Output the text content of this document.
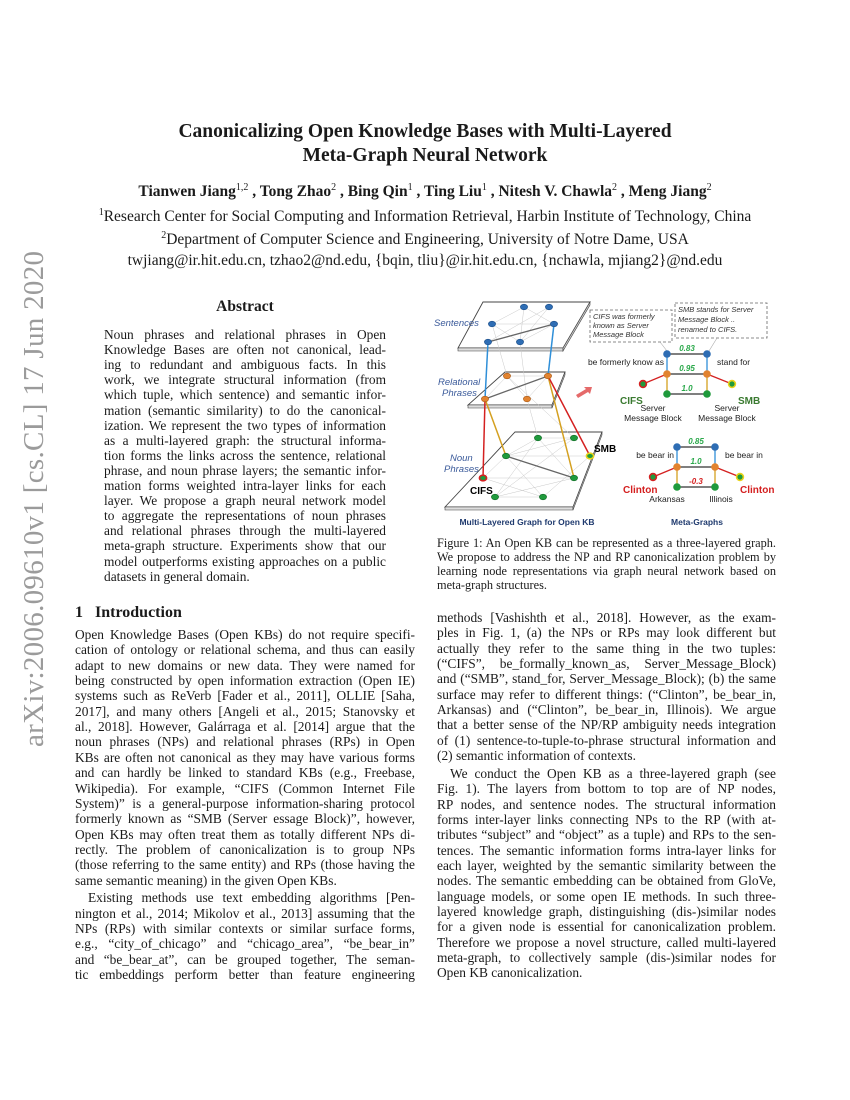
arXiv:2006.09610v1 [cs.CL] 17 Jun 2020
Canonicalizing Open Knowledge Bases with Multi-Layered
Meta-Graph Neural Network
Tianwen Jiang$^{1,2}$ , Tong Zhao$^2$ , Bing Qin$^1$ , Ting Liu$^1$ , Nitesh V. Chawla$^2$ , Meng Jiang$^2$
$^1$Research Center for Social Computing and Information Retrieval, Harbin Institute of Technology, China
$^2$Department of Computer Science and Engineering, University of Notre Dame, USA
twjiang@ir.hit.edu.cn, tzhao2@nd.edu, {bqin, tliu}@ir.hit.edu.cn, {nchawla, mjiang2}@nd.edu
Abstract
Noun phrases and relational phrases in Open
Knowledge Bases are often not canonical, lead-
ing to redundant and ambiguous facts. In this
work, we integrate structural information (from
which tuple, which sentence) and semantic infor-
mation (semantic similarity) to do the canonical-
ization. We represent the two types of information
as a multi-layered graph: the structural informa-
tion forms the links across the sentence, relational
phrase, and noun phrase layers; the semantic infor-
mation forms weighted intra-layer links for each
layer. We propose a graph neural network model
to aggregate the representations of noun phrases
and relational phrases through the multi-layered
meta-graph structure. Experiments show that our
model outperforms existing approaches on a public
datasets in general domain.
1 Introduction
Open Knowledge Bases (Open KBs) do not require specifi-
cation of ontology or relational schema, and thus can easily
adapt to new domains or new data. They were named for
being constructed by open information extraction (Open IE)
systems such as ReVerb [Fader et al., 2011], OLLIE [Saha,
2017], and many others [Angeli et al., 2015; Stanovsky et
al., 2018]. However, Galárraga et al. [2014] argue that the
noun phrases (NPs) and relational phrases (RPs) in Open
KBs are often not canonical as they may have various forms
and can hardly be linked to standard KBs (e.g., Freebase,
Wikipedia). For example, “CIFS (Common Internet File
System)” is a general-purpose information-sharing protocol
formerly known as “SMB (Server essage Block)”, however,
Open KBs may often treat them as totally different NPs di-
rectly. The problem of canonicalization is to group NPs
(those referring to the same entity) and RPs (those having the
same semantic meaning) in the given Open KBs.
Existing methods use text embedding algorithms [Pen-
nington et al., 2014; Mikolov et al., 2013] assuming that the
NPs (RPs) with similar contexts or similar surface forms,
e.g., “city_of_chicago” and “chicago_area”, “be_bear_in”
and “be_bear_at”, can be grouped together, The seman-
tic embeddings perform better than feature engineering
methods [Vashishth et al., 2018]. However, as the exam-
ples in Fig. 1, (a) the NPs or RPs may look different but
actually they refer to the same thing in the two tuples:
(“CIFS”, be_formally_known_as, Server_Message_Block)
and (“SMB”, stand_for, Server_Message_Block); (b) the same
surface may refer to different things: (“Clinton”, be_bear_in,
Arkansas) and (“Clinton”, be_bear_in, Illinois). We argue
that a better sense of the NP/RP ambiguity needs integration
of (1) sentence-to-tuple-to-phrase structural information and
(2) semantic information of contexts.
We conduct the Open KB as a three-layered graph (see
Fig. 1). The layers from bottom to top are of NP nodes,
RP nodes, and sentence nodes. The structural information
forms inter-layer links connecting NPs to the RP (with at-
tributes “subject” and “object” as a tuple) and RPs to the sen-
tences. The semantic information forms intra-layer links for
each layer, weighted by the semantic similarity between the
nodes. The semantic embedding can be obtained from GloVe,
language models, or some open IE methods. In such three-
layered knowledge graph, distinguishing (dis-)similar nodes
for a given node is essential for canonicalization problem.
Therefore we propose a novel structure, called multi-layered
meta-graph, to collectively sample (dis-)similar nodes for
Open KB canonicalization.
Sentences
Relational
Phrases
Noun
Phrases
CIFS
SMB
CIFS was formerly
known as Server
Message Block
SMB stands for Server
Message Block ..
renamed to CIFS.
0.83
0.95
1.0
be formerly know as	stand for
Server
Message Block
Server
Message Block
CIFS	SMB
0.85
1.0
-0.3
be bear in	be bear in
Arkansas	Illinois
Clinton	Clinton
Multi-Layered Graph for Open KB	Meta-Graphs
Figure 1: An Open KB can be represented as a three-layered graph.
We propose to address the NP and RP canonicalization problem by
learning node representations via graph neural network based on
meta-graph structures.
